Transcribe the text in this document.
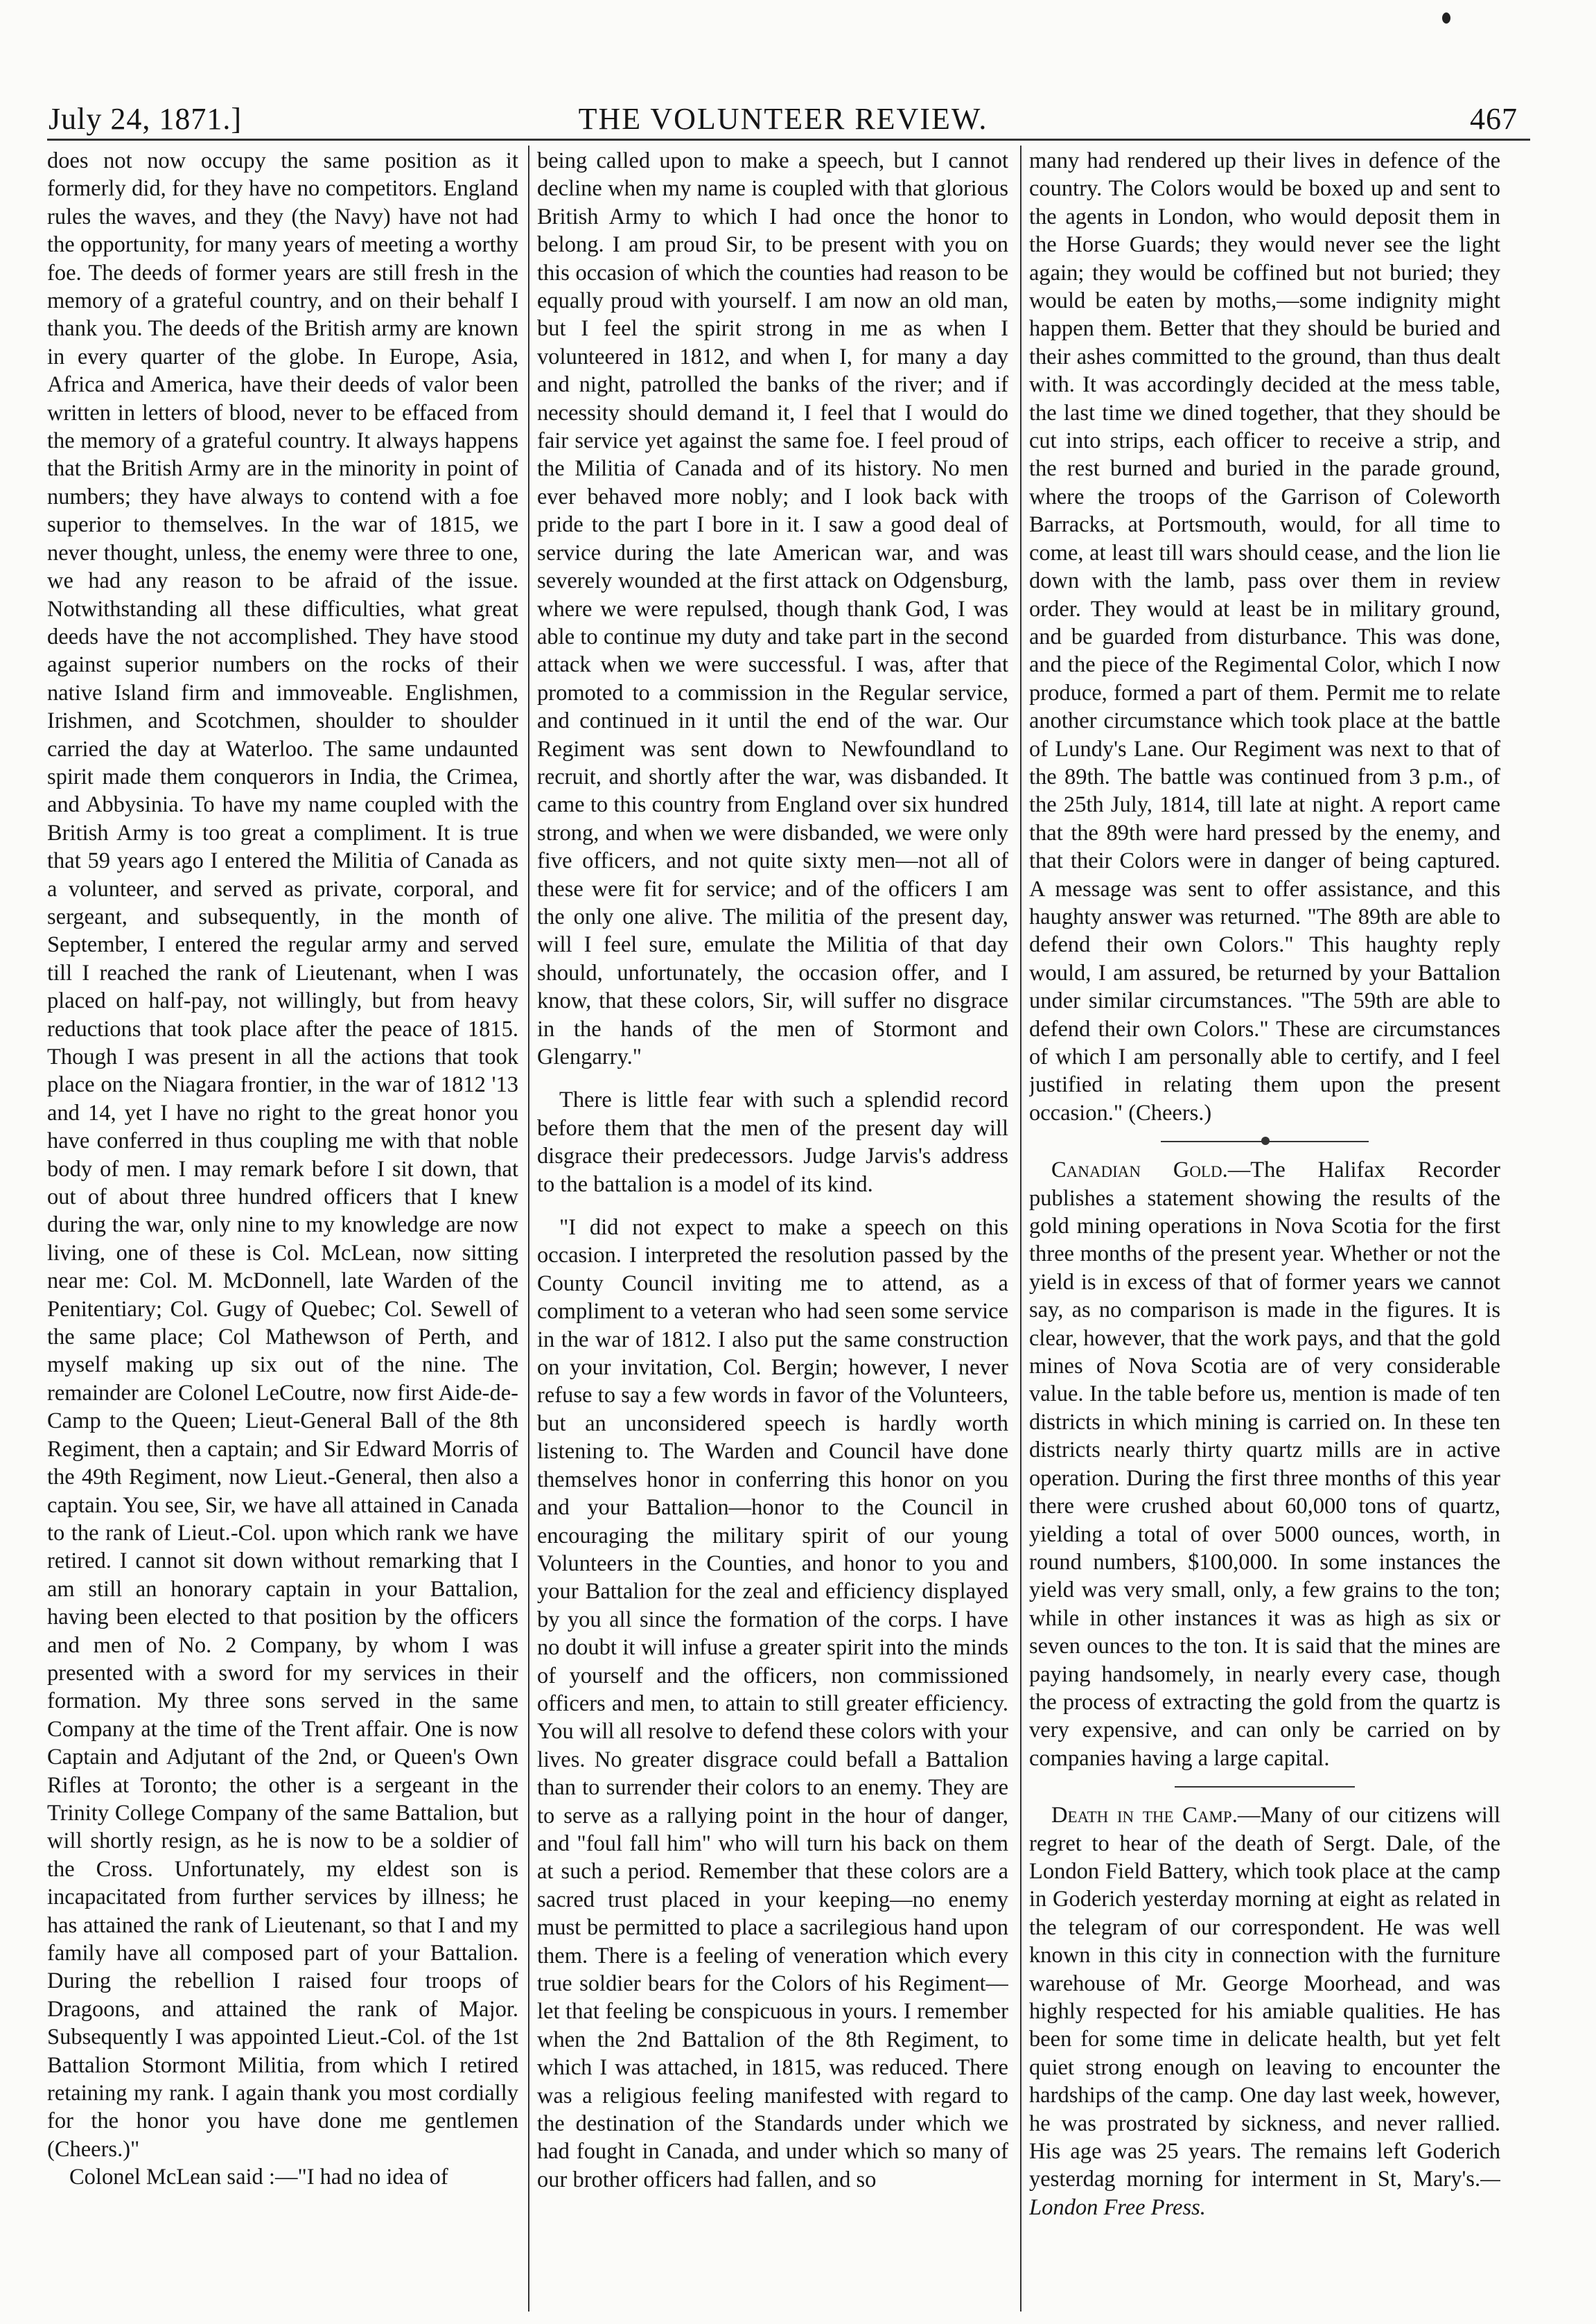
THE VOLUNTEER REVIEW.
July 24, 1871.]	467

does not now occupy the same position as it formerly did, for they have no competitors. England rules the waves, and they (the Navy) have not had the opportunity, for many years of meeting a worthy foe. The deeds of former years are still fresh in the memory of a grateful country, and on their behalf I thank you. The deeds of the British army are known in every quarter of the globe. In Europe, Asia, Africa and America, have their deeds of valor been written in letters of blood, never to be effaced from the memory of a grateful country. It always happens that the British Army are in the minority in point of numbers; they have always to contend with a foe superior to themselves. In the war of 1815, we never thought, unless, the enemy were three to one, we had any reason to be afraid of the issue. Notwithstanding all these difficulties, what great deeds have the not accomplished. They have stood against superior numbers on the rocks of their native Island firm and immoveable. Englishmen, Irishmen, and Scotchmen, shoulder to shoulder carried the day at Waterloo. The same undaunted spirit made them conquerors in India, the Crimea, and Abbysinia. To have my name coupled with the British Army is too great a compliment. It is true that 59 years ago I entered the Militia of Canada as a volunteer, and served as private, corporal, and sergeant, and subsequently, in the month of September, I entered the regular army and served till I reached the rank of Lieutenant, when I was placed on half-pay, not willingly, but from heavy reductions that took place after the peace of 1815. Though I was present in all the actions that took place on the Niagara frontier, in the war of 1812 '13 and 14, yet I have no right to the great honor you have conferred in thus coupling me with that noble body of men. I may remark before I sit down, that out of about three hundred officers that I knew during the war, only nine to my knowledge are now living, one of these is Col. McLean, now sitting near me: Col. M. McDonnell, late Warden of the Penitentiary; Col. Gugy of Quebec; Col. Sewell of the same place; Col Mathewson of Perth, and myself making up six out of the nine. The remainder are Colonel LeCoutre, now first Aide-de-Camp to the Queen; Lieut-General Ball of the 8th Regiment, then a captain; and Sir Edward Morris of the 49th Regiment, now Lieut.-General, then also a captain. You see, Sir, we have all attained in Canada to the rank of Lieut.-Col. upon which rank we have retired. I cannot sit down without remarking that I am still an honorary captain in your Battalion, having been elected to that position by the officers and men of No. 2 Company, by whom I was presented with a sword for my services in their formation. My three sons served in the same Company at the time of the Trent affair. One is now Captain and Adjutant of the 2nd, or Queen's Own Rifles at Toronto; the other is a sergeant in the Trinity College Company of the same Battalion, but will shortly resign, as he is now to be a soldier of the Cross. Unfortunately, my eldest son is incapacitated from further services by illness; he has attained the rank of Lieutenant, so that I and my family have all composed part of your Battalion. During the rebellion I raised four troops of Dragoons, and attained the rank of Major. Subsequently I was appointed Lieut.-Col. of the 1st Battalion Stormont Militia, from which I retired retaining my rank. I again thank you most cordially for the honor you have done me gentlemen (Cheers.)"

Colonel McLean said :—"I had no idea of

being called upon to make a speech, but I cannot decline when my name is coupled with that glorious British Army to which I had once the honor to belong. I am proud Sir, to be present with you on this occasion of which the counties had reason to be equally proud with yourself. I am now an old man, but I feel the spirit strong in me as when I volunteered in 1812, and when I, for many a day and night, patrolled the banks of the river; and if necessity should demand it, I feel that I would do fair service yet against the same foe. I feel proud of the Militia of Canada and of its history. No men ever behaved more nobly; and I look back with pride to the part I bore in it. I saw a good deal of service during the late American war, and was severely wounded at the first attack on Odgensburg, where we were repulsed, though thank God, I was able to continue my duty and take part in the second attack when we were successful. I was, after that promoted to a commission in the Regular service, and continued in it until the end of the war. Our Regiment was sent down to Newfoundland to recruit, and shortly after the war, was disbanded. It came to this country from England over six hundred strong, and when we were disbanded, we were only five officers, and not quite sixty men—not all of these were fit for service; and of the officers I am the only one alive. The militia of the present day, will I feel sure, emulate the Militia of that day should, unfortunately, the occasion offer, and I know, that these colors, Sir, will suffer no disgrace in the hands of the men of Stormont and Glengarry."

There is little fear with such a splendid record before them that the men of the present day will disgrace their predecessors. Judge Jarvis's address to the battalion is a model of its kind.

"I did not expect to make a speech on this occasion. I interpreted the resolution passed by the County Council inviting me to attend, as a compliment to a veteran who had seen some service in the war of 1812. I also put the same construction on your invitation, Col. Bergin; however, I never refuse to say a few words in favor of the Volunteers, but an unconsidered speech is hardly worth listening to. The Warden and Council have done themselves honor in conferring this honor on you and your Battalion—honor to the Council in encouraging the military spirit of our young Volunteers in the Counties, and honor to you and your Battalion for the zeal and efficiency displayed by you all since the formation of the corps. I have no doubt it will infuse a greater spirit into the minds of yourself and the officers, non commissioned officers and men, to attain to still greater efficiency. You will all resolve to defend these colors with your lives. No greater disgrace could befall a Battalion than to surrender their colors to an enemy. They are to serve as a rallying point in the hour of danger, and "foul fall him" who will turn his back on them at such a period. Remember that these colors are a sacred trust placed in your keeping—no enemy must be permitted to place a sacrilegious hand upon them. There is a feeling of veneration which every true soldier bears for the Colors of his Regiment—let that feeling be conspicuous in yours. I remember when the 2nd Battalion of the 8th Regiment, to which I was attached, in 1815, was reduced. There was a religious feeling manifested with regard to the destination of the Standards under which we had fought in Canada, and under which so many of our brother officers had fallen, and so

many had rendered up their lives in defence of the country. The Colors would be boxed up and sent to the agents in London, who would deposit them in the Horse Guards; they would never see the light again; they would be coffined but not buried; they would be eaten by moths,—some indignity might happen them. Better that they should be buried and their ashes committed to the ground, than thus dealt with. It was accordingly decided at the mess table, the last time we dined together, that they should be cut into strips, each officer to receive a strip, and the rest burned and buried in the parade ground, where the troops of the Garrison of Coleworth Barracks, at Portsmouth, would, for all time to come, at least till wars should cease, and the lion lie down with the lamb, pass over them in review order. They would at least be in military ground, and be guarded from disturbance. This was done, and the piece of the Regimental Color, which I now produce, formed a part of them. Permit me to relate another circumstance which took place at the battle of Lundy's Lane. Our Regiment was next to that of the 89th. The battle was continued from 3 p.m., of the 25th July, 1814, till late at night. A report came that the 89th were hard pressed by the enemy, and that their Colors were in danger of being captured. A message was sent to offer assistance, and this haughty answer was returned. "The 89th are able to defend their own Colors." This haughty reply would, I am assured, be returned by your Battalion under similar circumstances. "The 59th are able to defend their own Colors." These are circumstances of which I am personally able to certify, and I feel justified in relating them upon the present occasion." (Cheers.)

Canadian Gold.—The Halifax Recorder publishes a statement showing the results of the gold mining operations in Nova Scotia for the first three months of the present year. Whether or not the yield is in excess of that of former years we cannot say, as no comparison is made in the figures. It is clear, however, that the work pays, and that the gold mines of Nova Scotia are of very considerable value. In the table before us, mention is made of ten districts in which mining is carried on. In these ten districts nearly thirty quartz mills are in active operation. During the first three months of this year there were crushed about 60,000 tons of quartz, yielding a total of over 5000 ounces, worth, in round numbers, $100,000. In some instances the yield was very small, only, a few grains to the ton; while in other instances it was as high as six or seven ounces to the ton. It is said that the mines are paying handsomely, in nearly every case, though the process of extracting the gold from the quartz is very expensive, and can only be carried on by companies having a large capital.

Death in the Camp.—Many of our citizens will regret to hear of the death of Sergt. Dale, of the London Field Battery, which took place at the camp in Goderich yesterday morning at eight as related in the telegram of our correspondent. He was well known in this city in connection with the furniture warehouse of Mr. George Moorhead, and was highly respected for his amiable qualities. He has been for some time in delicate health, but yet felt quiet strong enough on leaving to encounter the hardships of the camp. One day last week, however, he was prostrated by sickness, and never rallied. His age was 25 years. The remains left Goderich yesterdag morning for interment in St, Mary's.—London Free Press.
